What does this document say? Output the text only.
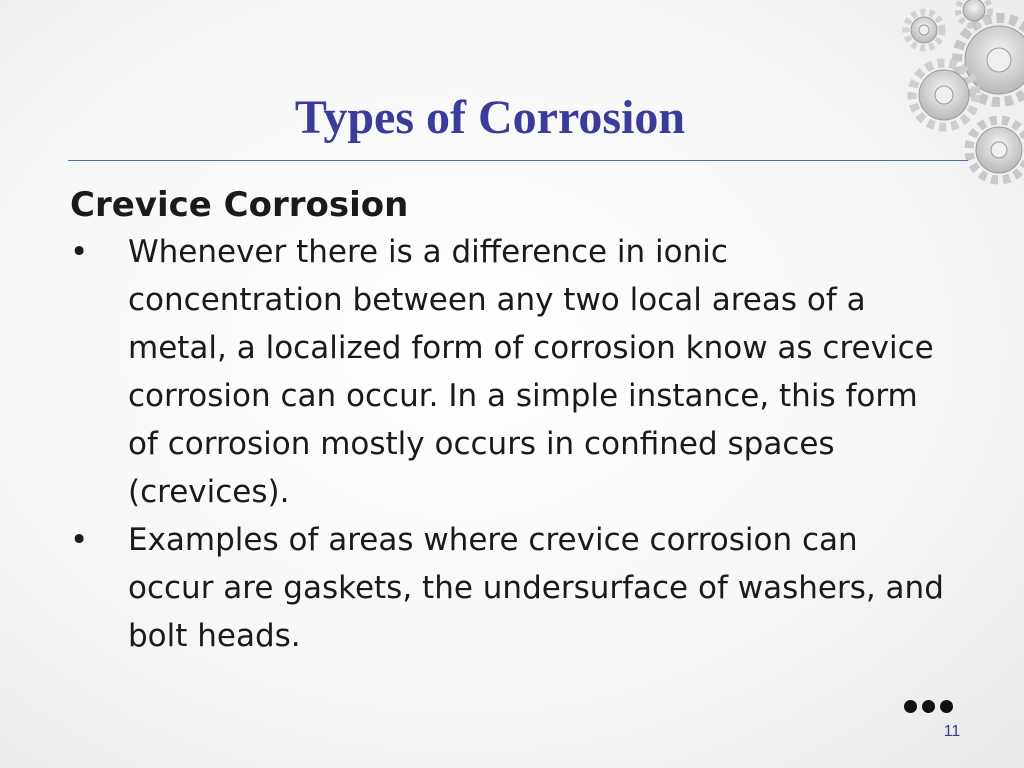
Types of Corrosion

Crevice Corrosion

• Whenever there is a difference in ionic concentration between any two local areas of a metal, a localized form of corrosion know as crevice corrosion can occur. In a simple instance, this form of corrosion mostly occurs in confined spaces (crevices).
• Examples of areas where crevice corrosion can occur are gaskets, the undersurface of washers, and bolt heads.
11
